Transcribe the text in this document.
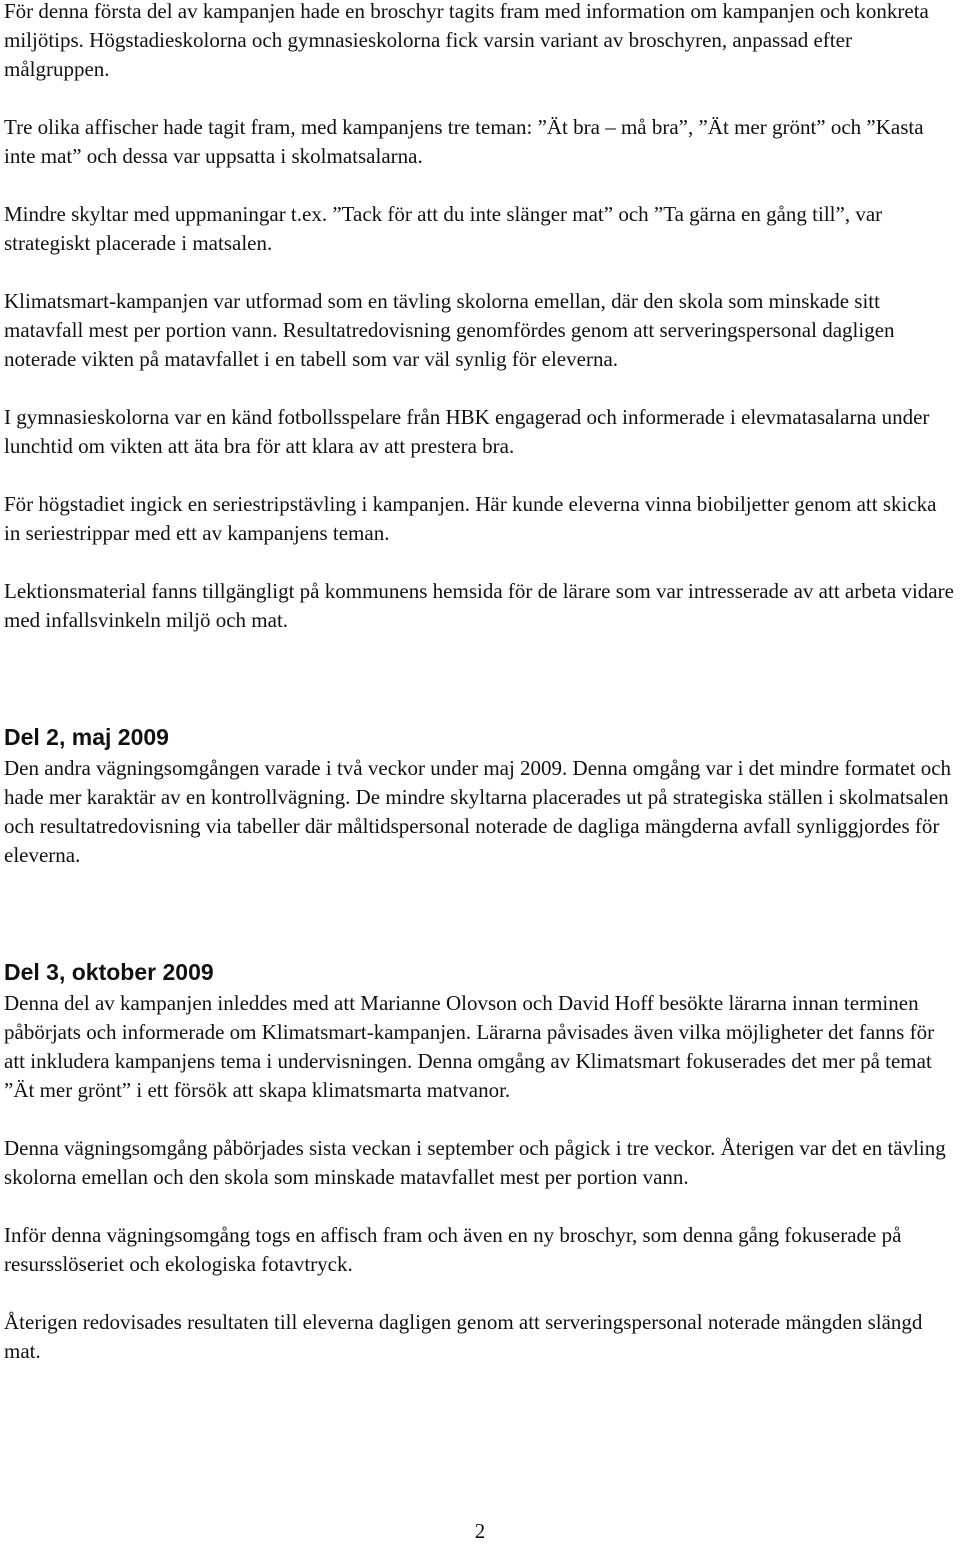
För denna första del av kampanjen hade en broschyr tagits fram med information om kampanjen och konkreta miljötips. Högstadieskolorna och gymnasieskolorna fick varsin variant av broschyren, anpassad efter målgruppen.

Tre olika affischer hade tagit fram, med kampanjens tre teman: ”Ät bra – må bra”, ”Ät mer grönt” och ”Kasta inte mat” och dessa var uppsatta i skolmatsalarna.

Mindre skyltar med uppmaningar t.ex. ”Tack för att du inte slänger mat” och ”Ta gärna en gång till”, var strategiskt placerade i matsalen.

Klimatsmart-kampanjen var utformad som en tävling skolorna emellan, där den skola som minskade sitt matavfall mest per portion vann. Resultatredovisning genomfördes genom att serveringspersonal dagligen noterade vikten på matavfallet i en tabell som var väl synlig för eleverna.

I gymnasieskolorna var en känd fotbollsspelare från HBK engagerad och informerade i elevmatasalarna under lunchtid om vikten att äta bra för att klara av att prestera bra.

För högstadiet ingick en seriestripstävling i kampanjen. Här kunde eleverna vinna biobiljetter genom att skicka in seriestrippar med ett av kampanjens teman.

Lektionsmaterial fanns tillgängligt på kommunens hemsida för de lärare som var intresserade av att arbeta vidare med infallsvinkeln miljö och mat.

Del 2, maj 2009

Den andra vägningsomgången varade i två veckor under maj 2009. Denna omgång var i det mindre formatet och hade mer karaktär av en kontrollvägning. De mindre skyltarna placerades ut på strategiska ställen i skolmatsalen och resultatredovisning via tabeller där måltidspersonal noterade de dagliga mängderna avfall synliggjordes för eleverna.

Del 3, oktober 2009

Denna del av kampanjen inleddes med att Marianne Olovson och David Hoff besökte lärarna innan terminen påbörjats och informerade om Klimatsmart-kampanjen. Lärarna påvisades även vilka möjligheter det fanns för att inkludera kampanjens tema i undervisningen. Denna omgång av Klimatsmart fokuserades det mer på temat ”Ät mer grönt” i ett försök att skapa klimatsmarta matvanor.

Denna vägningsomgång påbörjades sista veckan i september och pågick i tre veckor. Återigen var det en tävling skolorna emellan och den skola som minskade matavfallet mest per portion vann.

Inför denna vägningsomgång togs en affisch fram och även en ny broschyr, som denna gång fokuserade på resursslöseriet och ekologiska fotavtryck.

Återigen redovisades resultaten till eleverna dagligen genom att serveringspersonal noterade mängden slängd mat.

2
